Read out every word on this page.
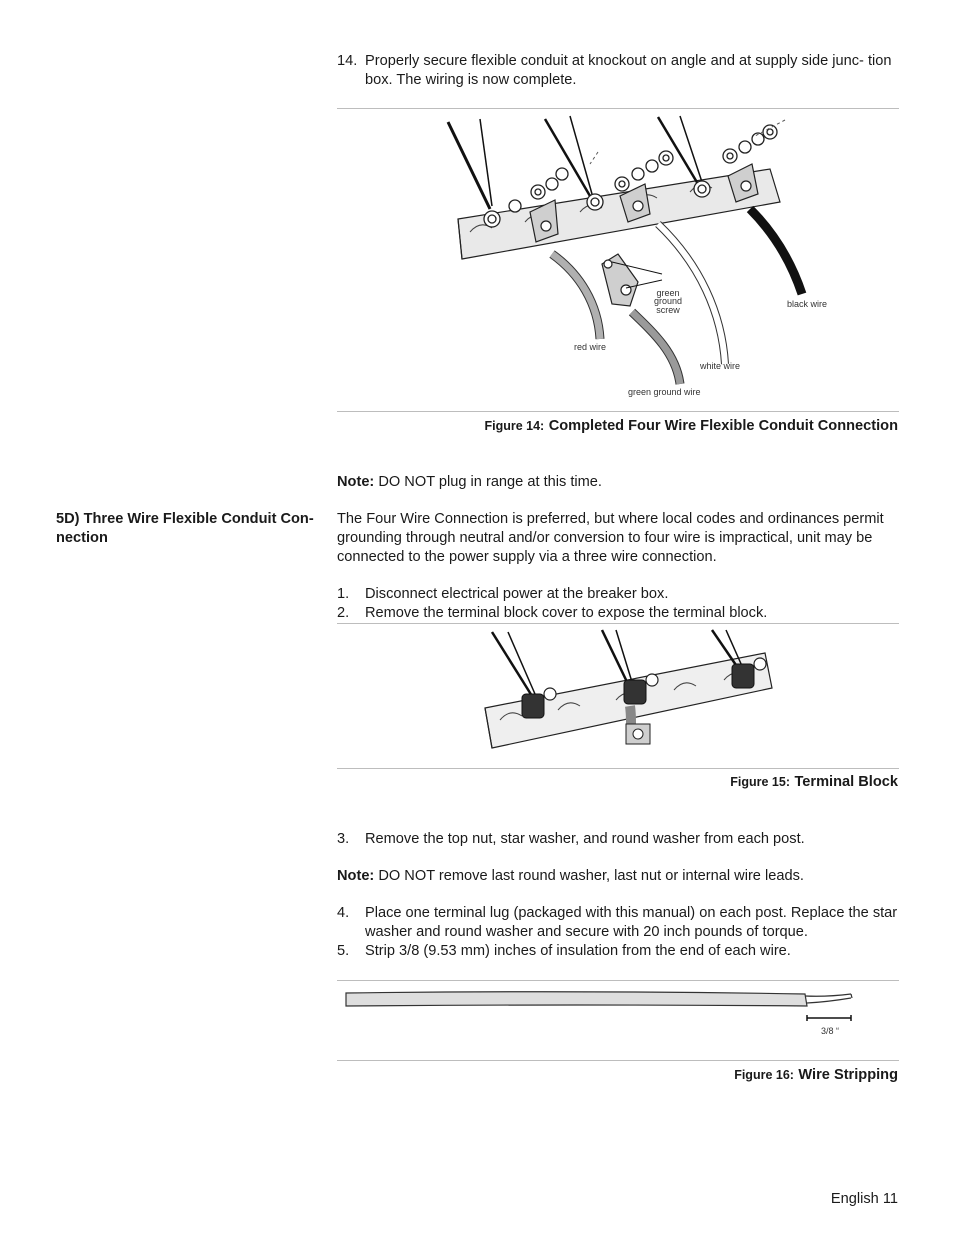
14. Properly secure flexible conduit at knockout on angle and at supply side junc- tion box. The wiring is now complete.
green
ground
screw
black wire
red wire
white wire
green ground wire
Figure 14: Completed Four Wire Flexible Conduit Connection
Note: DO NOT plug in range at this time.
5D) Three Wire Flexible Conduit Con- nection
The Four Wire Connection is preferred, but where local codes and ordinances permit grounding through neutral and/or conversion to four wire is impractical, unit may be connected to the power supply via a three wire connection.
1. Disconnect electrical power at the breaker box.
2. Remove the terminal block cover to expose the terminal block.
Figure 15: Terminal Block
3. Remove the top nut, star washer, and round washer from each post.
Note: DO NOT remove last round washer, last nut or internal wire leads.
4. Place one terminal lug (packaged with this manual) on each post. Replace the star washer and round washer and secure with 20 inch pounds of torque.
5. Strip 3/8 (9.53 mm) inches of insulation from the end of each wire.
3/8 “
Figure 16: Wire Stripping
English 11
